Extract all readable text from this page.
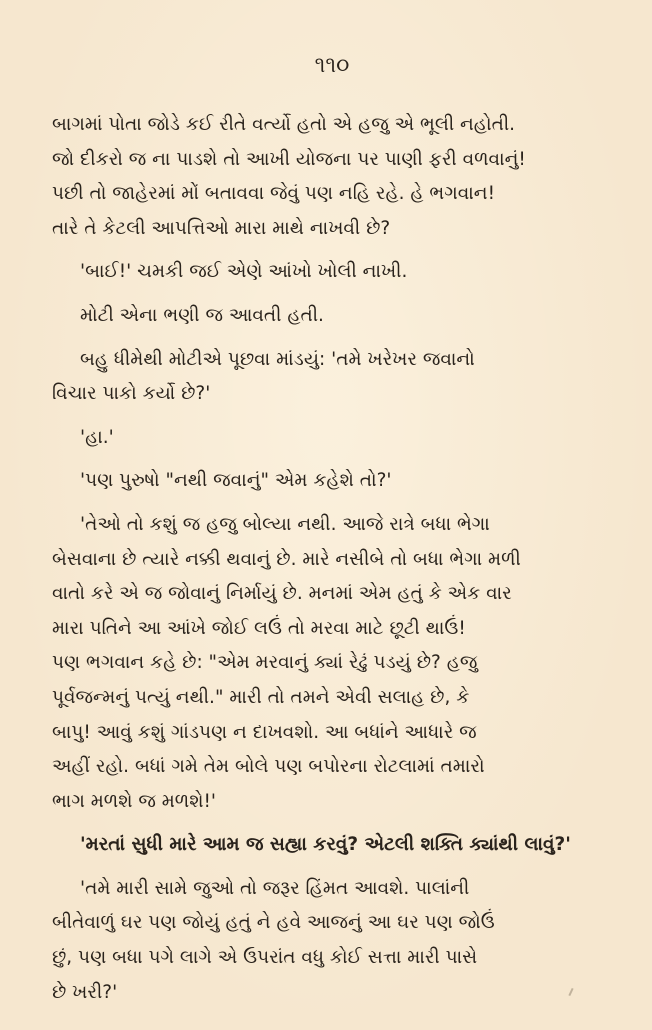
૧૧૦

બાગમાં પોતા જોડે કઈ રીતે વર્ત્યો હતો એ હજુ એ ભૂલી નહોતી.
જો દીકરો જ ના પાડશે તો આખી યોજના પર પાણી ફરી વળવાનું!
પછી તો જાહેરમાં મોં બતાવવા જેવું પણ નહિ રહે. હે ભગવાન!
તારે તે કેટલી આપત્તિઓ મારા માથે નાખવી છે?

'બાઈ!' ચમકી જઈ એણે આંખો ખોલી નાખી.

મોટી એના ભણી જ આવતી હતી.

બહુ ધીમેથી મોટીએ પૂછવા માંડયું: 'તમે ખરેખર જવાનો
વિચાર પાકો કર્યો છે?'

'હા.'

'પણ પુરુષો "નથી જવાનું" એમ કહેશે તો?'

'તેઓ તો કશું જ હજુ બોલ્યા નથી. આજે રાત્રે બધા ભેગા
બેસવાના છે ત્યારે નક્કી થવાનું છે. મારે નસીબે તો બધા ભેગા મળી
વાતો કરે એ જ જોવાનું નિર્માયું છે. મનમાં એમ હતું કે એક વાર
મારા પતિને આ આંખે જોઈ લઉં તો મરવા માટે છૂટી થાઉં!
પણ ભગવાન કહે છે: "એમ મરવાનું ક્યાં રેઢું પડયું છે? હજુ
પૂર્વજન્મનું પત્યું નથી." મારી તો તમને એવી સલાહ છે, કે
બાપુ! આવું કશું ગાંડપણ ન દાખવશો. આ બધાંને આધારે જ
અહીં રહો. બધાં ગમે તેમ બોલે પણ બપોરના રોટલામાં તમારો
ભાગ મળશે જ મળશે!'

'મરતાં સુધી મારે આમ જ સહ્યા કરવું? એટલી શક્તિ ક્યાંથી લાવું?'

'તમે મારી સામે જુઓ તો જરૂર હિંમત આવશે. પાલાંની
બીતેવાળું ઘર પણ જોયું હતું ને હવે આજનું આ ઘર પણ જોઉં
છું, પણ બધા પગે લાગે એ ઉપરાંત વધુ કોઈ સત્તા મારી પાસે
છે ખરી?'
